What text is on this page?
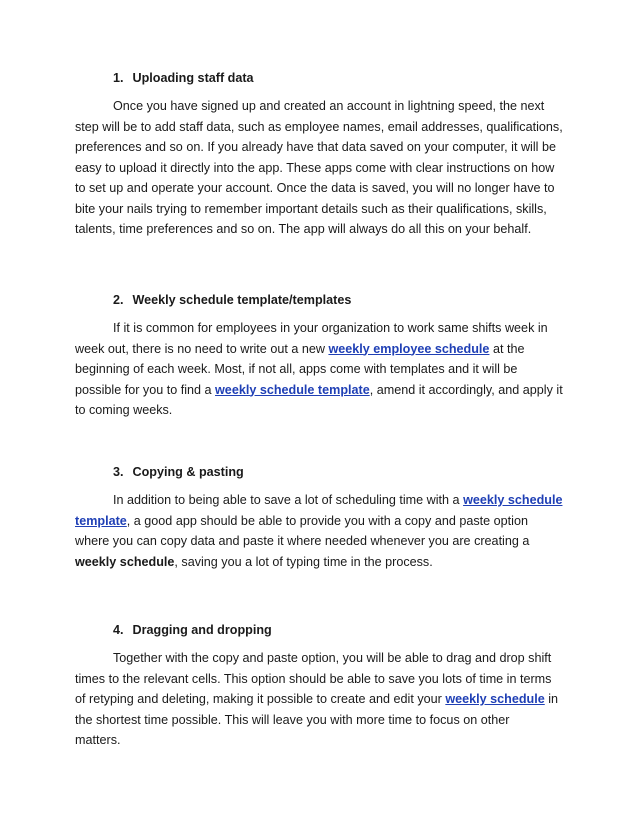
1. Uploading staff data
Once you have signed up and created an account in lightning speed, the next
step will be to add staff data, such as employee names, email addresses, qualifications,
preferences and so on. If you already have that data saved on your computer, it will be
easy to upload it directly into the app. These apps come with clear instructions on how
to set up and operate your account. Once the data is saved, you will no longer have to
bite your nails trying to remember important details such as their qualifications, skills,
talents, time preferences and so on. The app will always do all this on your behalf.
2. Weekly schedule template/templates
If it is common for employees in your organization to work same shifts week in
week out, there is no need to write out a new weekly employee schedule at the
beginning of each week. Most, if not all, apps come with templates and it will be
possible for you to find a weekly schedule template, amend it accordingly, and apply it
to coming weeks.
3. Copying & pasting
In addition to being able to save a lot of scheduling time with a weekly schedule
template, a good app should be able to provide you with a copy and paste option
where you can copy data and paste it where needed whenever you are creating a
weekly schedule, saving you a lot of typing time in the process.
4. Dragging and dropping
Together with the copy and paste option, you will be able to drag and drop shift
times to the relevant cells. This option should be able to save you lots of time in terms
of retyping and deleting, making it possible to create and edit your weekly schedule in
the shortest time possible. This will leave you with more time to focus on other
matters.
